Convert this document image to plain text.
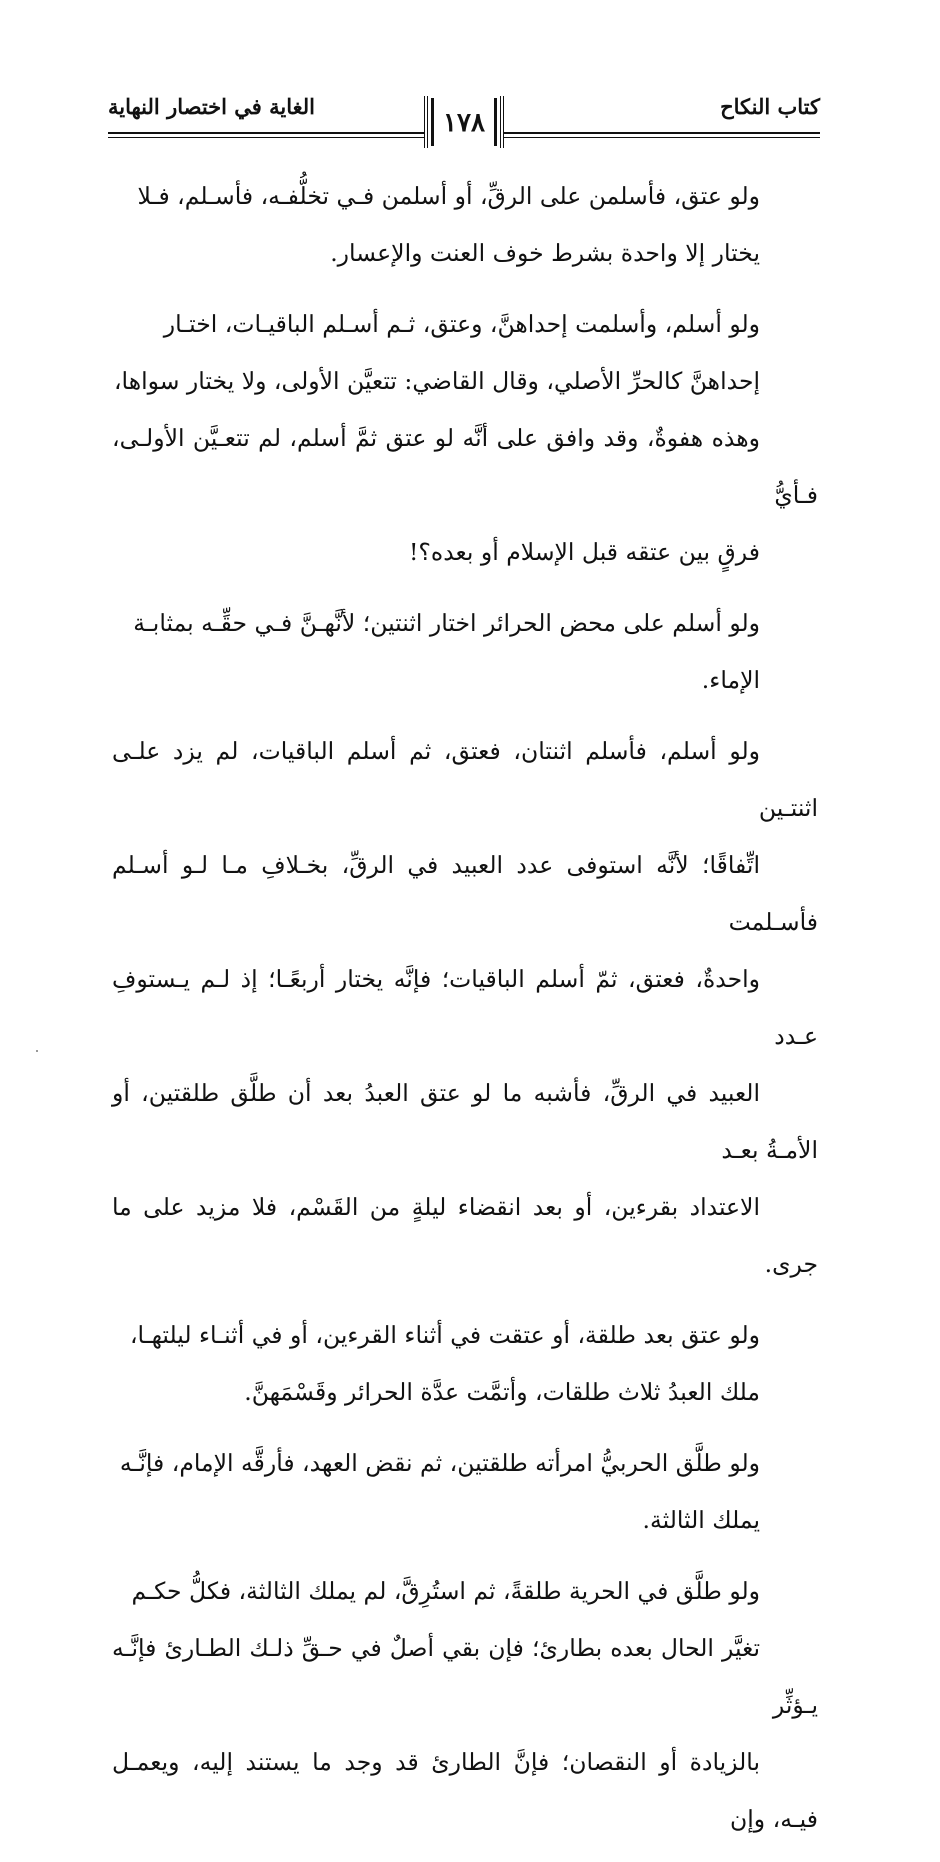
كتاب النكاح
الغاية في اختصار النهاية
١٧٨

ولو عتق، فأسلمن على الرقِّ، أو أسلمن فـي تخلُّفـه، فأسـلم، فـلا
يختار إلا واحدة بشرط خوف العنت والإعسار.

ولو أسلم، وأسلمت إحداهنَّ، وعتق، ثـم أسـلم الباقيـات، اختـار
إحداهنَّ كالحرِّ الأصلي، وقال القاضي: تتعيَّن الأولى، ولا يختار سواها،
وهذه هفوةٌ، وقد وافق على أنَّه لو عتق ثمَّ أسلم، لم تتعـيَّن الأولـى، فـأيُّ
فرقٍ بين عتقه قبل الإسلام أو بعده؟!

ولو أسلم على محض الحرائر اختار اثنتين؛ لأنَّهـنَّ فـي حقِّـه بمثابـة
الإماء.

ولو أسلم، فأسلم اثنتان، فعتق، ثم أسلم الباقيات، لم يزد علـى اثنتـين
اتِّفاقًا؛ لأنَّه استوفى عدد العبيد في الرقِّ، بخـلافِ مـا لـو أسـلم فأسـلمت
واحدةٌ، فعتق، ثمّ أسلم الباقيات؛ فإنَّه يختار أربعًـا؛ إذ لـم يـستوفِ عـدد
العبيد في الرقِّ، فأشبه ما لو عتق العبدُ بعد أن طلَّق طلقتين، أو الأمـةُ بعـد
الاعتداد بقرءين، أو بعد انقضاء ليلةٍ من القَسْم، فلا مزيد على ما جرى.

ولو عتق بعد طلقة، أو عتقت في أثناء القرءين، أو في أثنـاء ليلتهـا،
ملك العبدُ ثلاث طلقات، وأتمَّت عدَّة الحرائر وقَسْمَهنَّ.

ولو طلَّق الحربيُّ امرأته طلقتين، ثم نقض العهد، فأرقَّه الإمام، فإنَّـه
يملك الثالثة.

ولو طلَّق في الحرية طلقةً، ثم استُرِقَّ، لم يملك الثالثة، فكلُّ حكـم
تغيَّر الحال بعده بطارئ؛ فإن بقي أصلٌ في حـقِّ ذلـك الطـارئ فإنَّـه يـؤثِّر
بالزيادة أو النقصان؛ فإنَّ الطارئ قد وجد ما يستند إليه، ويعمـل فيـه، وإن
